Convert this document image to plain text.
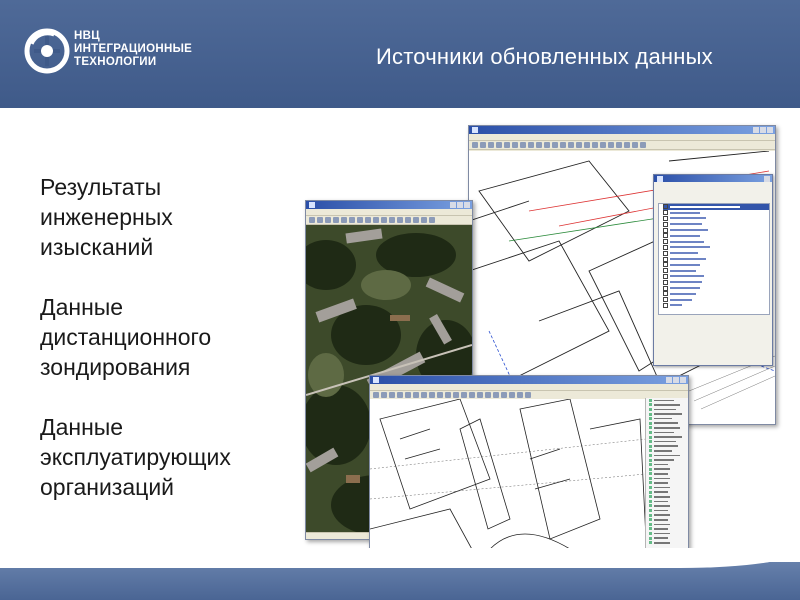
НВЦ
ИНТЕГРАЦИОННЫЕ
ТЕХНОЛОГИИ	Источники обновленных данных
Результаты
инженерных
изысканий
Данные
дистанционного
зондирования
Данные
эксплуатирующих
организаций
